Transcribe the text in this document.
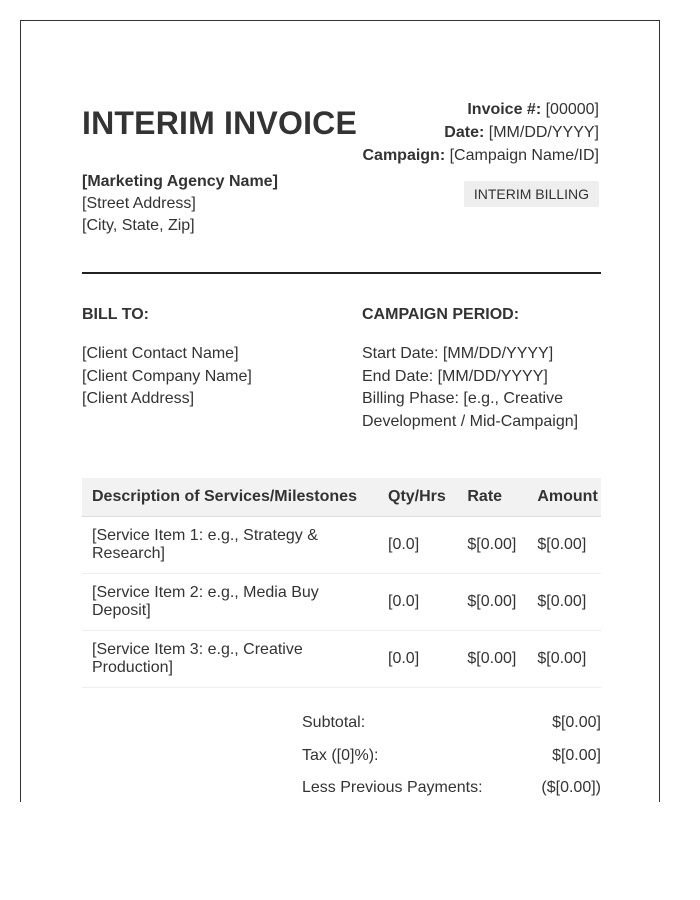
INTERIM INVOICE	Invoice #: [00000]
Date: [MM/DD/YYYY]
Campaign: [Campaign Name/ID]
[Marketing Agency Name]
[Street Address]
[City, State, Zip]
INTERIM BILLING
BILL TO:	CAMPAIGN PERIOD:
[Client Contact Name]
[Client Company Name]
[Client Address]
Start Date: [MM/DD/YYYY]
End Date: [MM/DD/YYYY]
Billing Phase: [e.g., Creative Development / Mid-Campaign]
Description of Services/Milestones	Qty/Hrs	Rate	Amount
[Service Item 1: e.g., Strategy & Research]	[0.0]	$[0.00]	$[0.00]
[Service Item 2: e.g., Media Buy Deposit]	[0.0]	$[0.00]	$[0.00]
[Service Item 3: e.g., Creative Production]	[0.0]	$[0.00]	$[0.00]
Subtotal:	$[0.00]
Tax ([0]%):	$[0.00]
Less Previous Payments:	($[0.00])
